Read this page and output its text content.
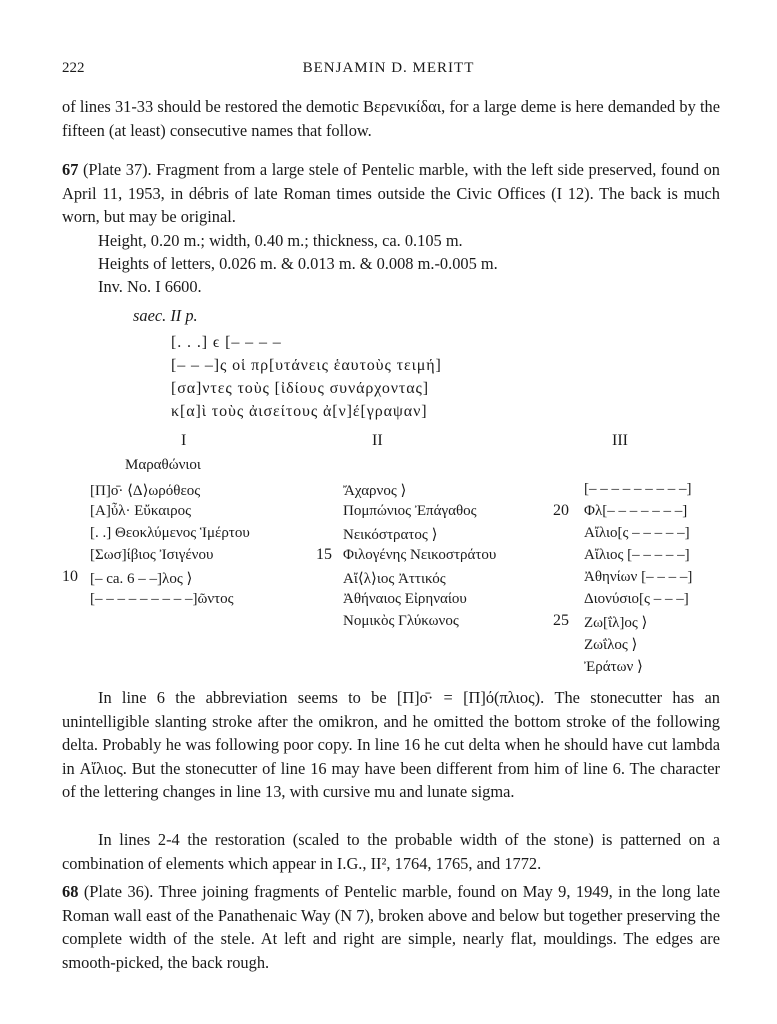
222	BENJAMIN D. MERITT
of lines 31-33 should be restored the demotic Βερενικίδαι, for a large deme is here demanded by the fifteen (at least) consecutive names that follow.
67 (Plate 37). Fragment from a large stele of Pentelic marble, with the left side preserved, found on April 11, 1953, in débris of late Roman times outside the Civic Offices (I 12). The back is much worn, but may be original.
Height, 0.20 m.; width, 0.40 m.; thickness, ca. 0.105 m.
Heights of letters, 0.026 m. & 0.013 m. & 0.008 m.-0.005 m.
Inv. No. I 6600.
saec. II p.
[. . .] ϵ [– – – –
[– – –]ς οἱ πρ[υτάνεις ἑαυτοὺς τειμή]
[σα]ντες τοὺς [ἰδίους συνάρχοντας]
κ[α]ὶ τοὺς ἀισείτους ἀ[ν]έ[γραψαν]
I	II	III
Μαραθώνιοι
[Π]ο̄· ⟨Δ⟩ωρόθεος
[Α]ὖλ· Εὔκαιρος
[. .] Θεοκλύμενος Ἱμέρτου
[Σωσ]ίβιος Ἰσιγένου
10 [– ca. 6 – –]λος ⟩
[– – – – – – – – –]ῶντος
Ἄχαρνος ⟩
Πομπώνιος Ἐπάγαθος
Νεικόστρατος ⟩
15 Φιλογένης Νεικοστράτου
Αἴ⟨λ⟩ιος Ἀττικός
Ἀθήναιος Εἰρηναίου
Νομικὸς Γλύκωνος
[– – – – – – – – –]
20 Φλ[– – – – – – –]
Αἴλιο[ς – – – – –]
Αἴλιος [– – – – –]
Ἀθηνίων [– – – –]
Διονύσιο[ς – – –]
25 Ζω[ΐλ]ος ⟩
Ζωΐλος ⟩
Ἐράτων ⟩
In line 6 the abbreviation seems to be [Π]ο̄· = [Π]ό(πλιος). The stonecutter has an unintelligible slanting stroke after the omikron, and he omitted the bottom stroke of the following delta. Probably he was following poor copy. In line 16 he cut delta when he should have cut lambda in Αἴλιος. But the stonecutter of line 16 may have been different from him of line 6. The character of the lettering changes in line 13, with cursive mu and lunate sigma.
In lines 2-4 the restoration (scaled to the probable width of the stone) is patterned on a combination of elements which appear in I.G., II², 1764, 1765, and 1772.
68 (Plate 36). Three joining fragments of Pentelic marble, found on May 9, 1949, in the long late Roman wall east of the Panathenaic Way (N 7), broken above and below but together preserving the complete width of the stele. At left and right are simple, nearly flat, mouldings. The edges are smooth-picked, the back rough.
